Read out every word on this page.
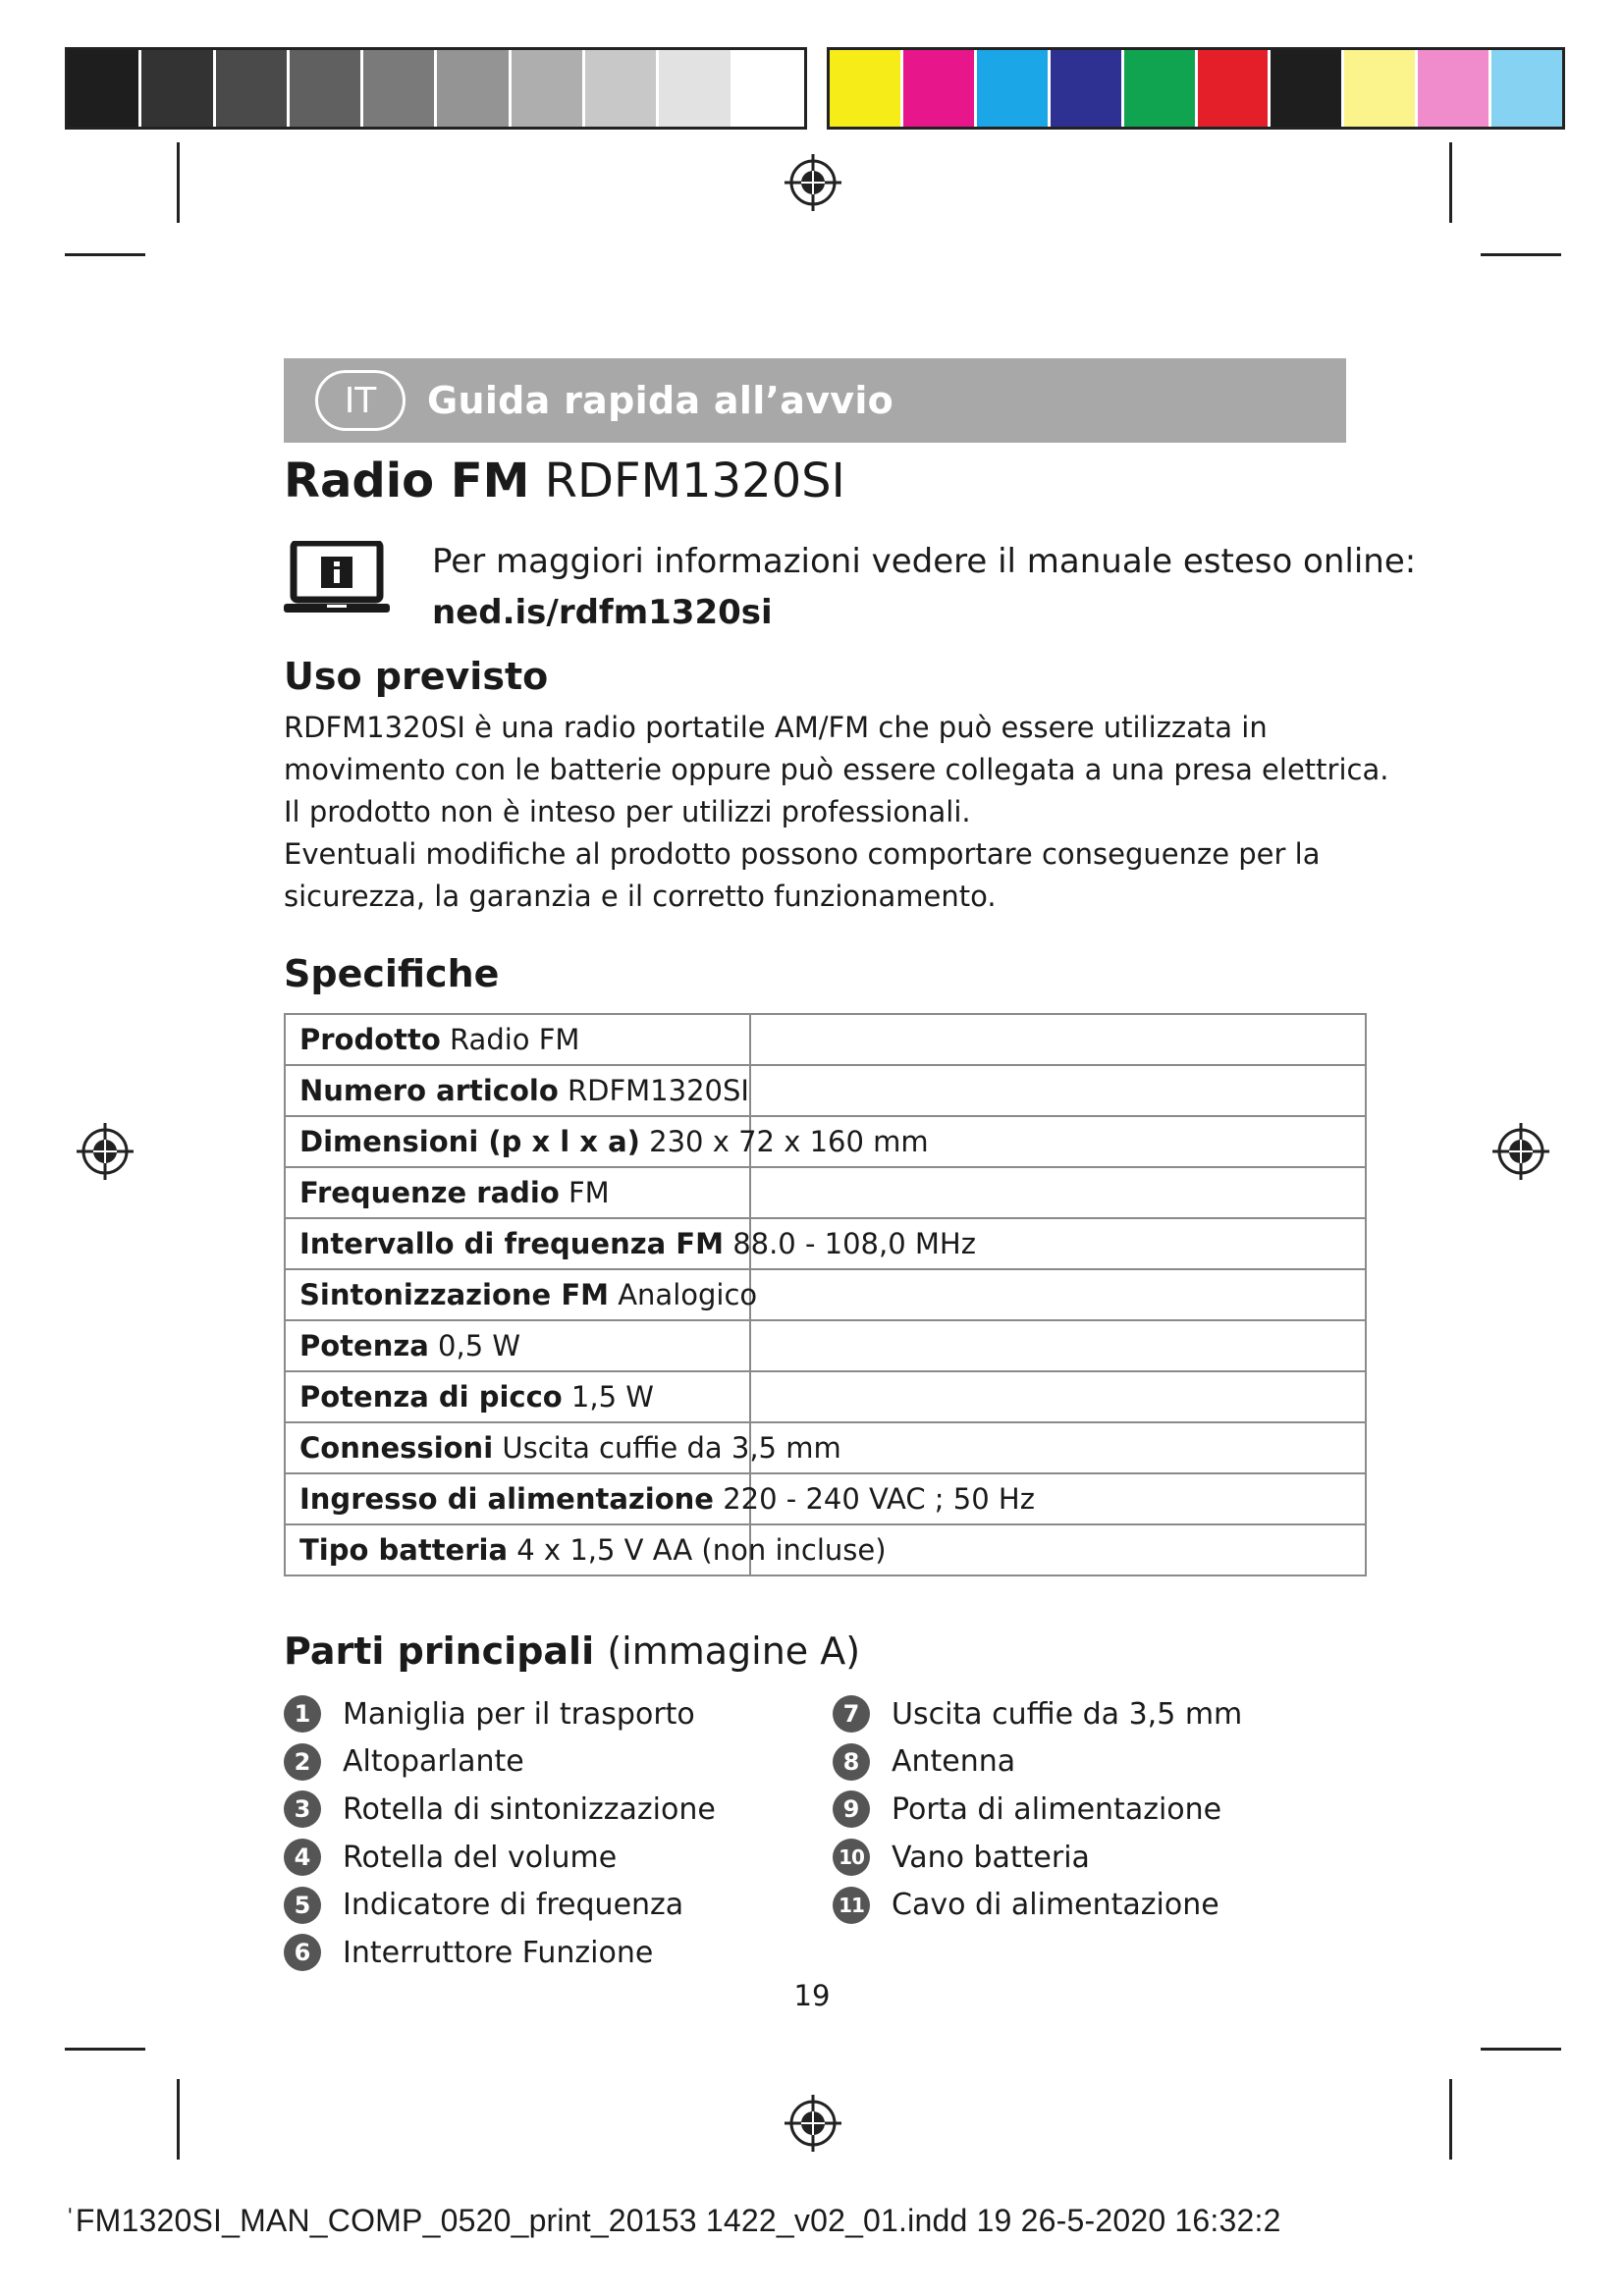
IT	Guida rapida all’avvio
Radio FM RDFM1320SI
Per maggiori informazioni vedere il manuale esteso online:
ned.is/rdfm1320si
Uso previsto
RDFM1320SI è una radio portatile AM/FM che può essere utilizzata in
movimento con le batterie oppure può essere collegata a una presa elettrica.
Il prodotto non è inteso per utilizzi professionali.
Eventuali modifiche al prodotto possono comportare conseguenze per la
sicurezza, la garanzia e il corretto funzionamento.
Specifiche
Prodotto Radio FM	
Numero articolo RDFM1320SI	
Dimensioni (p x l x a) 230 x 72 x 160 mm	
Frequenze radio FM	
Intervallo di frequenza FM 88.0 - 108,0 MHz	
Sintonizzazione FM Analogico	
Potenza 0,5 W	
Potenza di picco 1,5 W	
Connessioni Uscita cuffie da 3,5 mm	
Ingresso di alimentazione 220 - 240 VAC ; 50 Hz	
Tipo batteria 4 x 1,5 V AA (non incluse)	
Parti principali (immagine A)
1	Maniglia per il trasporto
2	Altoparlante
3	Rotella di sintonizzazione
4	Rotella del volume
5	Indicatore di frequenza
6	Interruttore Funzione
7	Uscita cuffie da 3,5 mm
8	Antenna
9	Porta di alimentazione
10 Vano batteria
11 Cavo di alimentazione
19
ˈFM1320SI_MAN_COMP_0520_print_20153 1422_v02_01.indd 19 26-5-2020 16:32:2
